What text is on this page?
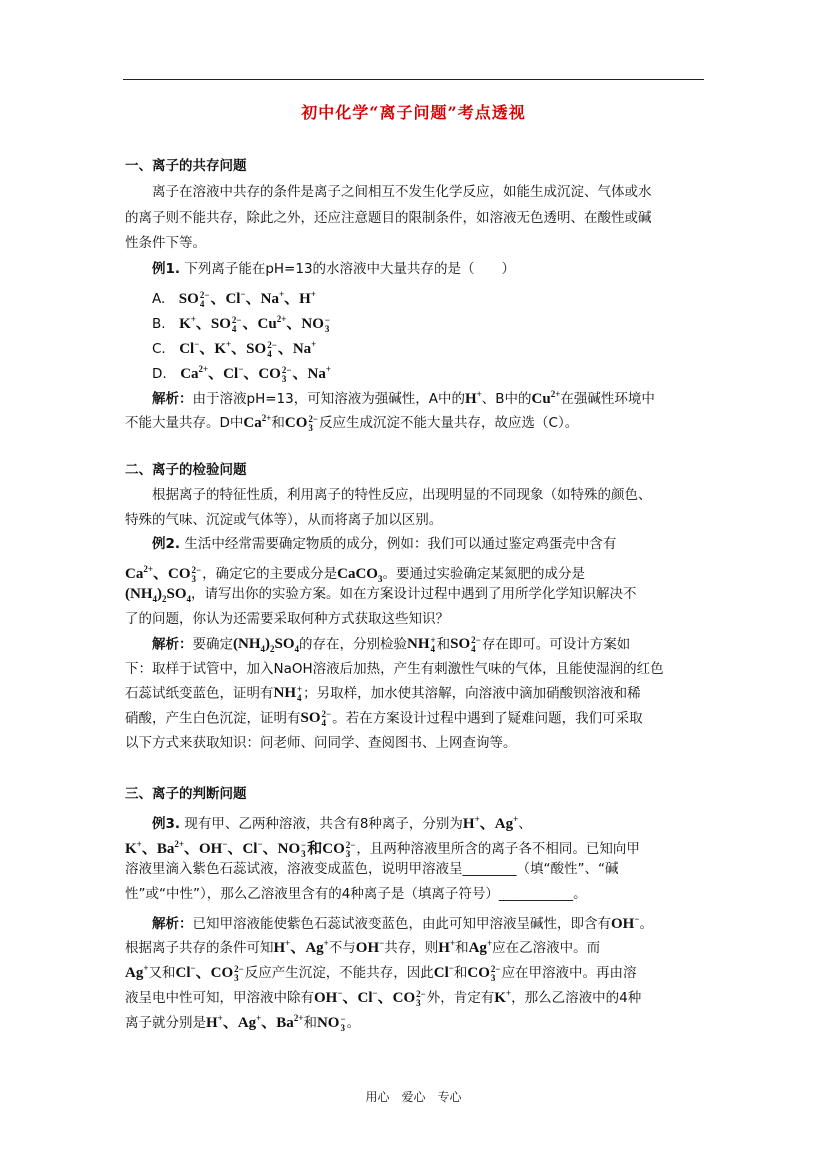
初中化学“离子问题”考点透视
一、离子的共存问题
离子在溶液中共存的条件是离子之间相互不发生化学反应，如能生成沉淀、气体或水
的离子则不能共存，除此之外，还应注意题目的限制条件，如溶液无色透明、在酸性或碱
性条件下等。
例1. 下列离子能在pH=13的水溶液中大量共存的是（　　）
A.　SO 2−
4 、Cl−、Na+、H+
B.　K+、SO 2−
4 、$Cu^{2+}$、NO −
3
C.　Cl−、K+、SO 2−
4 、Na+
D.　$Ca^{2+}$、Cl−、CO 2−
3 、Na+
解析：由于溶液pH=13，可知溶液为强碱性，A中的H+、B中的$Cu^{2+}$在强碱性环境中
不能大量共存。D中$Ca^{2+}$和CO 2−
3 反应生成沉淀不能大量共存，故应选（C）。
二、离子的检验问题
根据离子的特征性质，利用离子的特性反应，出现明显的不同现象（如特殊的颜色、
特殊的气味、沉淀或气体等），从而将离子加以区别。
例2. 生活中经常需要确定物质的成分，例如：我们可以通过鉴定鸡蛋壳中含有
$Ca^{2+}$、CO 2−
3 ，确定它的主要成分是CaCO$_3$。要通过实验确定某氮肥的成分是
$(NH_4)_2SO_4$，请写出你的实验方案。如在方案设计过程中遇到了用所学化学知识解决不
了的问题，你认为还需要采取何种方式获取这些知识？
解析：要确定$(NH_4)_2SO_4$的存在，分别检验NH +
4 和SO 2−
4 存在即可。可设计方案如
下：取样于试管中，加入NaOH溶液后加热，产生有刺激性气味的气体，且能使湿润的红色
石蕊试纸变蓝色，证明有NH +
4 ；另取样，加水使其溶解，向溶液中滴加硝酸钡溶液和稀
硝酸，产生白色沉淀，证明有SO 2−
4 。若在方案设计过程中遇到了疑难问题，我们可采取
以下方式来获取知识：问老师、问同学、查阅图书、上网查询等。
三、离子的判断问题
例3. 现有甲、乙两种溶液，共含有8种离子，分别为H+、Ag+、
K+、$Ba^{2+}$、OH−、Cl−、NO −
3 和CO 2−
3 ，且两种溶液里所含的离子各不相同。已知向甲
溶液里滴入紫色石蕊试液，溶液变成蓝色，说明甲溶液呈________（填“酸性”、“碱
性”或“中性”），那么乙溶液里含有的4种离子是（填离子符号）___________。
解析：已知甲溶液能使紫色石蕊试液变蓝色，由此可知甲溶液呈碱性，即含有OH−。
根据离子共存的条件可知H+、Ag+不与OH−共存，则H+和Ag+应在乙溶液中。而
Ag+又和Cl−、CO 2−
3 反应产生沉淀，不能共存，因此Cl−和CO 2−
3 应在甲溶液中。再由溶
液呈电中性可知，甲溶液中除有OH−、Cl−、CO 2−
3 外，肯定有K+，那么乙溶液中的4种
离子就分别是H+、Ag+、$Ba^{2+}$和NO −
3 。
用心　爱心　专心
